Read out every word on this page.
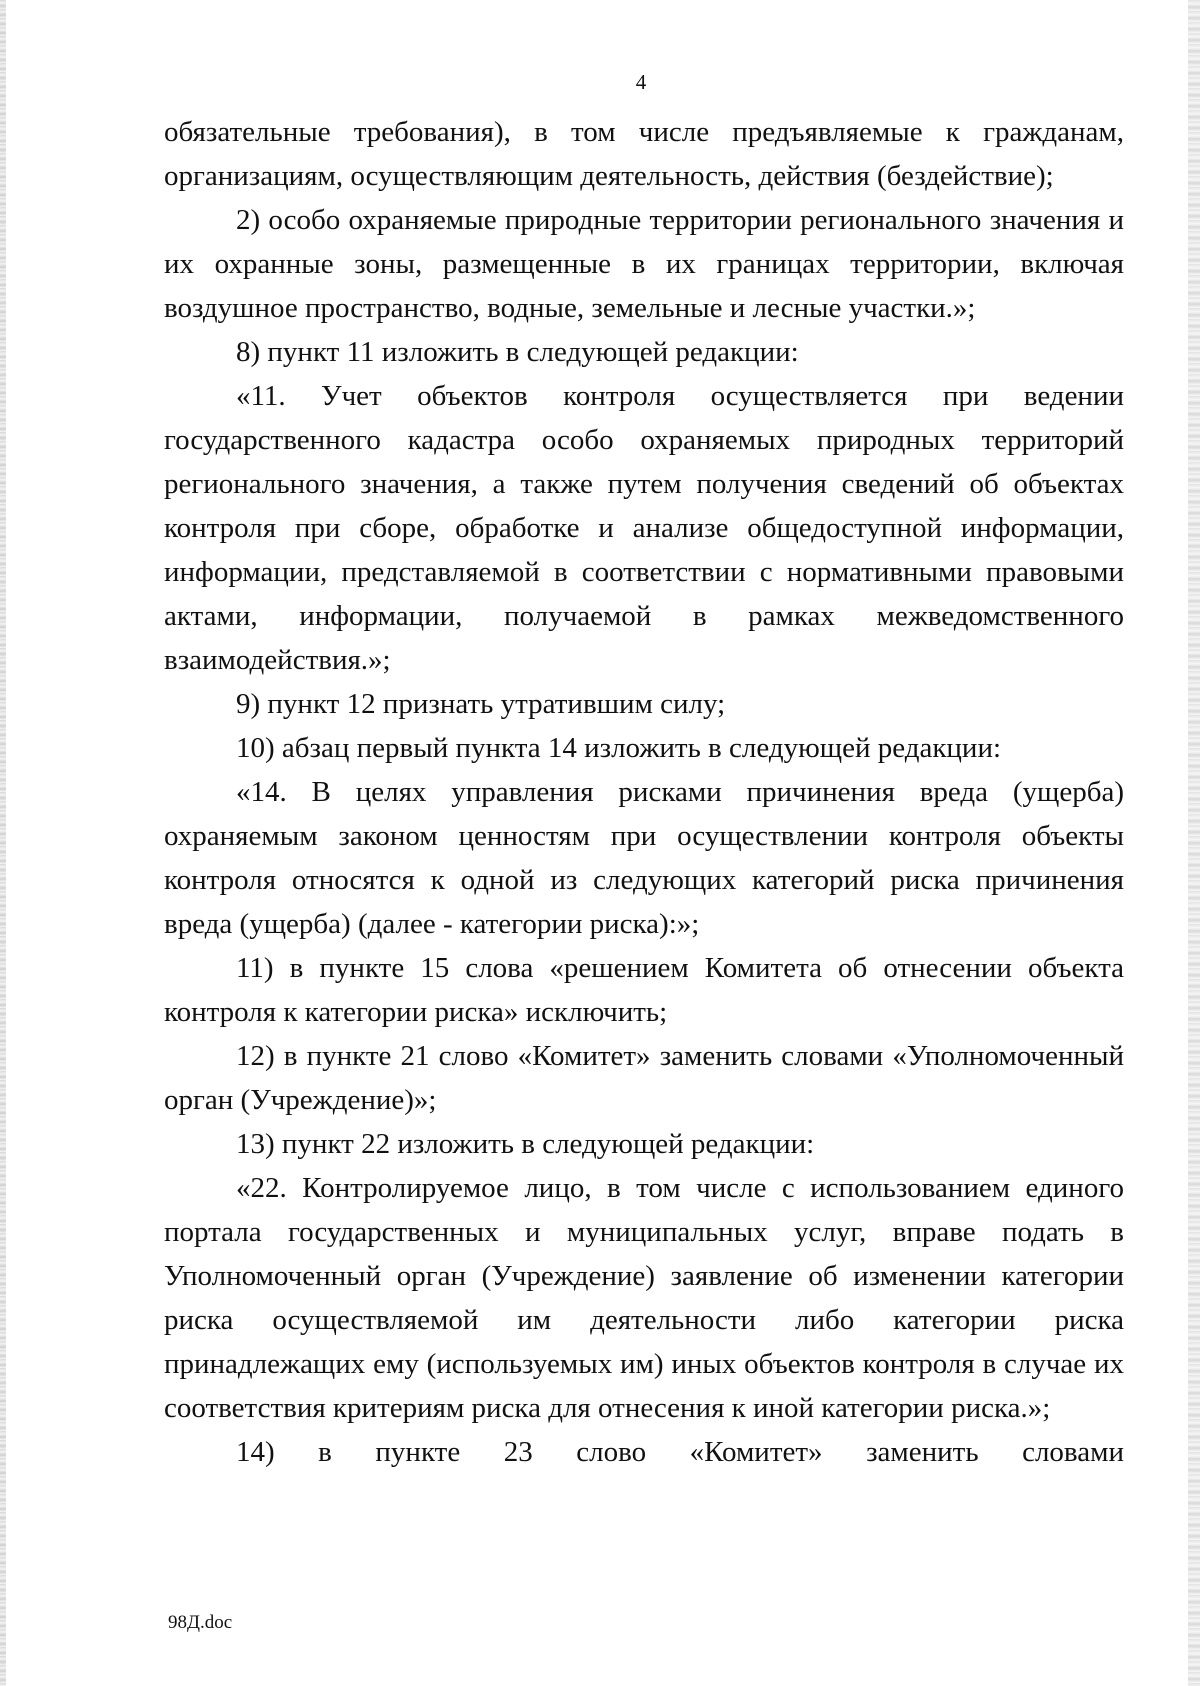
4

обязательные требования), в том числе предъявляемые к гражданам, организациям, осуществляющим деятельность, действия (бездействие);

2) особо охраняемые природные территории регионального значения и их охранные зоны, размещенные в их границах территории, включая воздушное пространство, водные, земельные и лесные участки.»;

8) пункт 11 изложить в следующей редакции:

«11. Учет объектов контроля осуществляется при ведении государственного кадастра особо охраняемых природных территорий регионального значения, а также путем получения сведений об объектах контроля при сборе, обработке и анализе общедоступной информации, информации, представляемой в соответствии с нормативными правовыми актами, информации, получаемой в рамках межведомственного взаимодействия.»;

9) пункт 12 признать утратившим силу;

10) абзац первый пункта 14 изложить в следующей редакции:

«14. В целях управления рисками причинения вреда (ущерба) охраняемым законом ценностям при осуществлении контроля объекты контроля относятся к одной из следующих категорий риска причинения вреда (ущерба) (далее - категории риска):»;

11) в пункте 15 слова «решением Комитета об отнесении объекта контроля к категории риска» исключить;

12) в пункте 21 слово «Комитет» заменить словами «Уполномоченный орган (Учреждение)»;

13) пункт 22 изложить в следующей редакции:

«22. Контролируемое лицо, в том числе с использованием единого портала государственных и муниципальных услуг, вправе подать в Уполномоченный орган (Учреждение) заявление об изменении категории риска осуществляемой им деятельности либо категории риска принадлежащих ему (используемых им) иных объектов контроля в случае их соответствия критериям риска для отнесения к иной категории риска.»;

14) в пункте 23 слово «Комитет» заменить словами

98Д.doc
